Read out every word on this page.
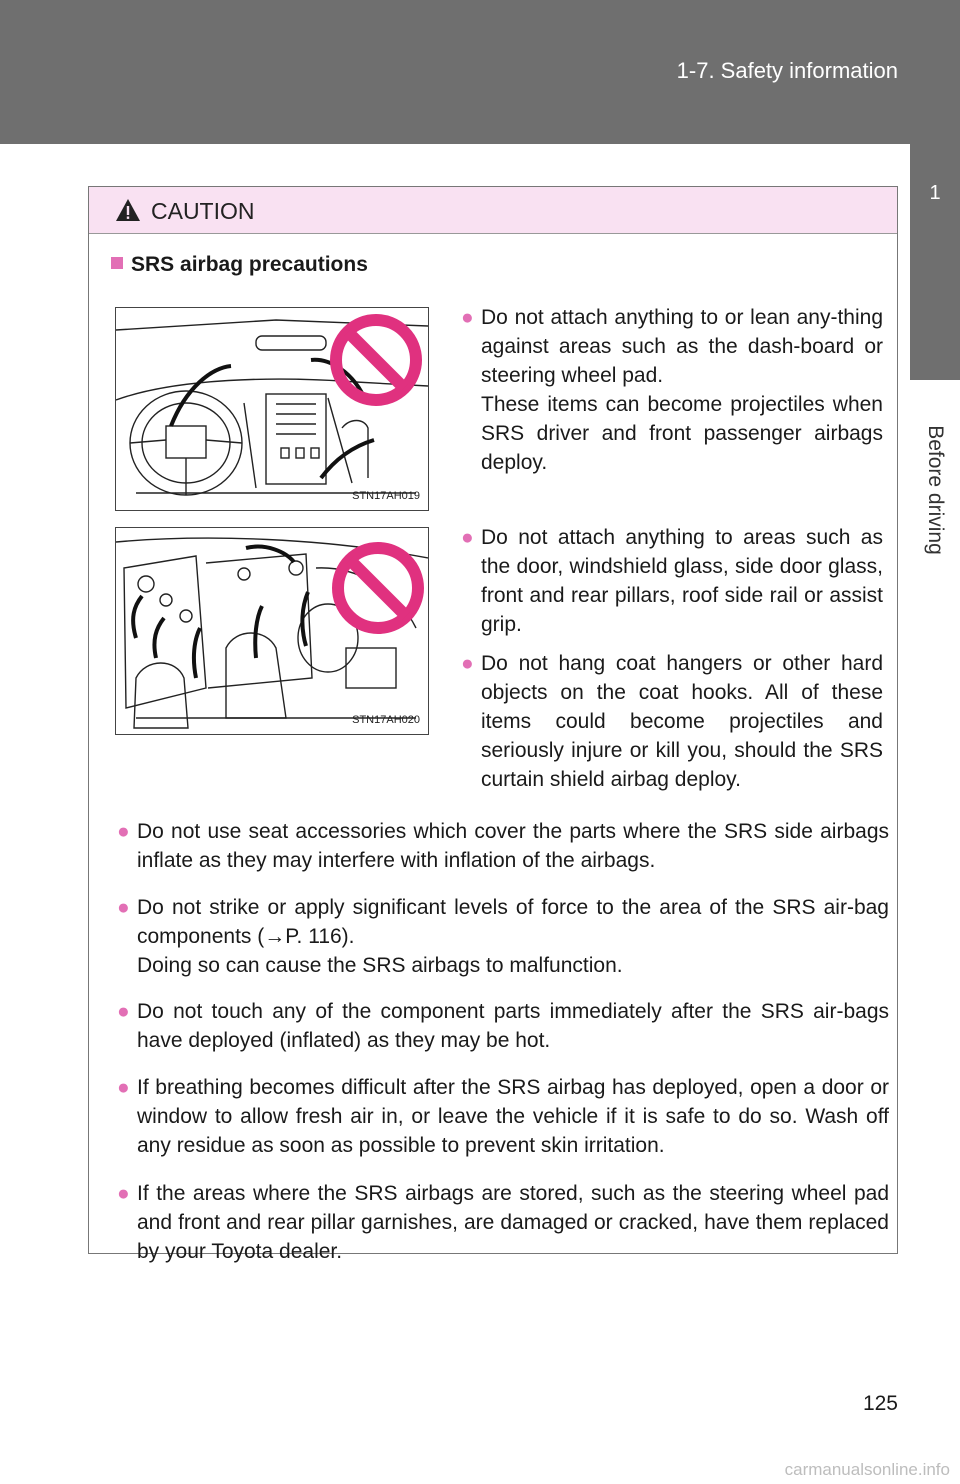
1-7. Safety information
1
Before driving
CAUTION
SRS airbag precautions
STN17AH019
STN17AH020
● Do not attach anything to or lean any-thing against areas such as the dash-board or steering wheel pad.

These items can become projectiles when SRS driver and front passenger airbags deploy.

● Do not attach anything to areas such as the door, windshield glass, side door glass, front and rear pillars, roof side rail or assist grip.

● Do not hang coat hangers or other hard objects on the coat hooks. All of these items could become projectiles and seriously injure or kill you, should the SRS curtain shield airbag deploy.

● Do not use seat accessories which cover the parts where the SRS side airbags inflate as they may interfere with inflation of the airbags.

● Do not strike or apply significant levels of force to the area of the SRS air-bag components (→P. 116).

Doing so can cause the SRS airbags to malfunction.

● Do not touch any of the component parts immediately after the SRS air-bags have deployed (inflated) as they may be hot.

● If breathing becomes difficult after the SRS airbag has deployed, open a door or window to allow fresh air in, or leave the vehicle if it is safe to do so. Wash off any residue as soon as possible to prevent skin irritation.

● If the areas where the SRS airbags are stored, such as the steering wheel pad and front and rear pillar garnishes, are damaged or cracked, have them replaced by your Toyota dealer.

125
carmanualsonline.info
